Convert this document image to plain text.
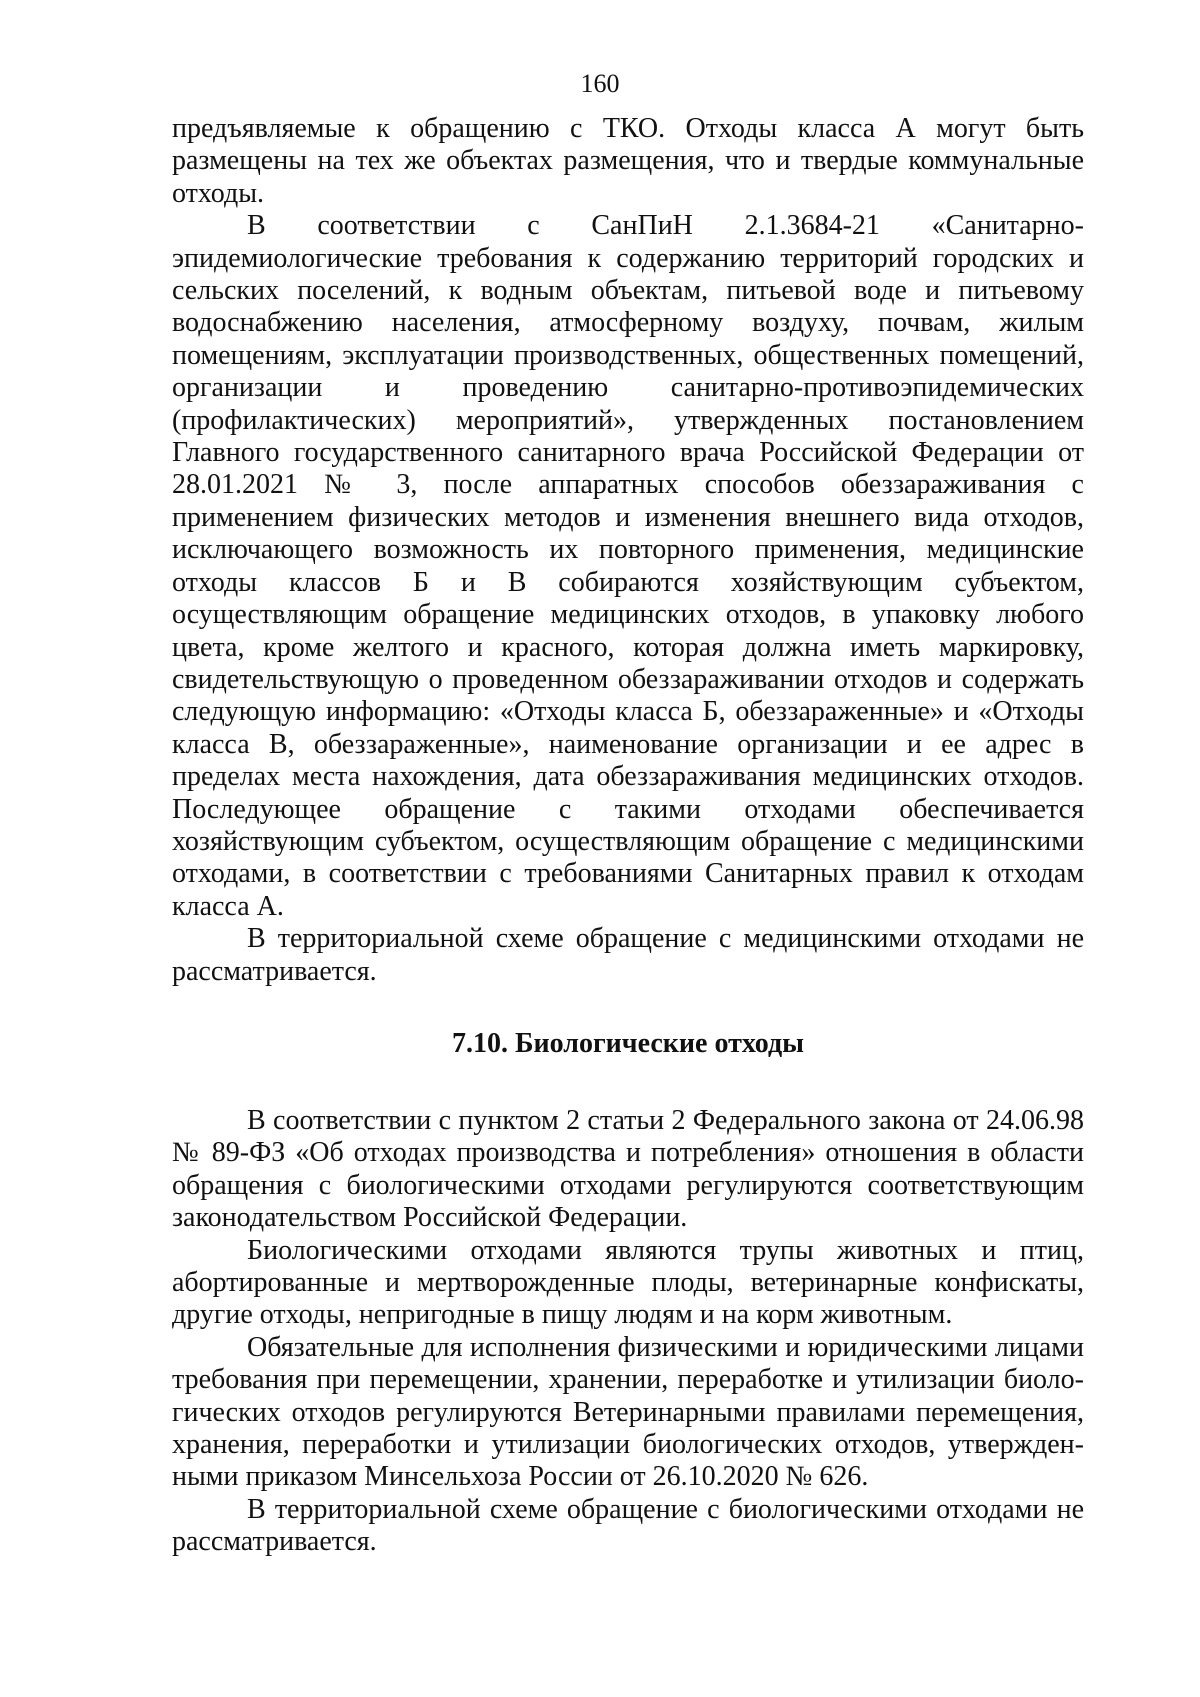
160

предъявляемые к обращению с ТКО. Отходы класса А могут быть размещены на тех же объектах размещения, что и твердые коммунальные отходы.

В соответствии с СанПиН 2.1.3684-21 «Санитарно-эпидемиологические требования к содержанию территорий городских и сельских поселений, к водным объектам, питьевой воде и питьевому водоснабжению населения, атмосферному воздуху, почвам, жилым помещениям, эксплуатации производственных, общественных помещений, организации и проведению санитарно-противоэпидемических (профилактических) мероприятий», утвержденных постановлением Главного государственного санитарного врача Российской Федерации от 28.01.2021 № 3, после аппаратных способов обеззараживания с применением физических методов и изменения внешнего вида отходов, исключающего возможность их повторного применения, медицинские отходы классов Б и В собираются хозяйствующим субъектом, осуществляющим обращение медицинских отходов, в упаковку любого цвета, кроме желтого и красного, которая должна иметь маркировку, свидетельствующую о проведенном обеззараживании отходов и содержать следующую информацию: «Отходы класса Б, обеззараженные» и «Отходы класса В, обеззараженные», наименование организации и ее адрес в пределах места нахождения, дата обеззараживания медицинских отходов. Последующее обращение с такими отходами обеспечивается хозяйствующим субъектом, осуществляющим обращение с медицинскими отходами, в соответствии с требованиями Санитарных правил к отходам класса А.

В территориальной схеме обращение с медицинскими отходами не рассматривается.

7.10. Биологические отходы

В соответствии с пунктом 2 статьи 2 Федерального закона от 24.06.98 № 89-ФЗ «Об отходах производства и потребления» отношения в области обращения с биологическими отходами регулируются соответствующим законодательством Российской Федерации.

Биологическими отходами являются трупы животных и птиц, абортированные и мертворожденные плоды, ветеринарные конфискаты, другие отходы, непригодные в пищу людям и на корм животным.

Обязательные для исполнения физическими и юридическими лицами требования при перемещении, хранении, переработке и утилизации биологических отходов регулируются Ветеринарными правилами перемещения, хранения, переработки и утилизации биологических отходов, утвержденными приказом Минсельхоза России от 26.10.2020 № 626.

В территориальной схеме обращение с биологическими отходами не рассматривается.
